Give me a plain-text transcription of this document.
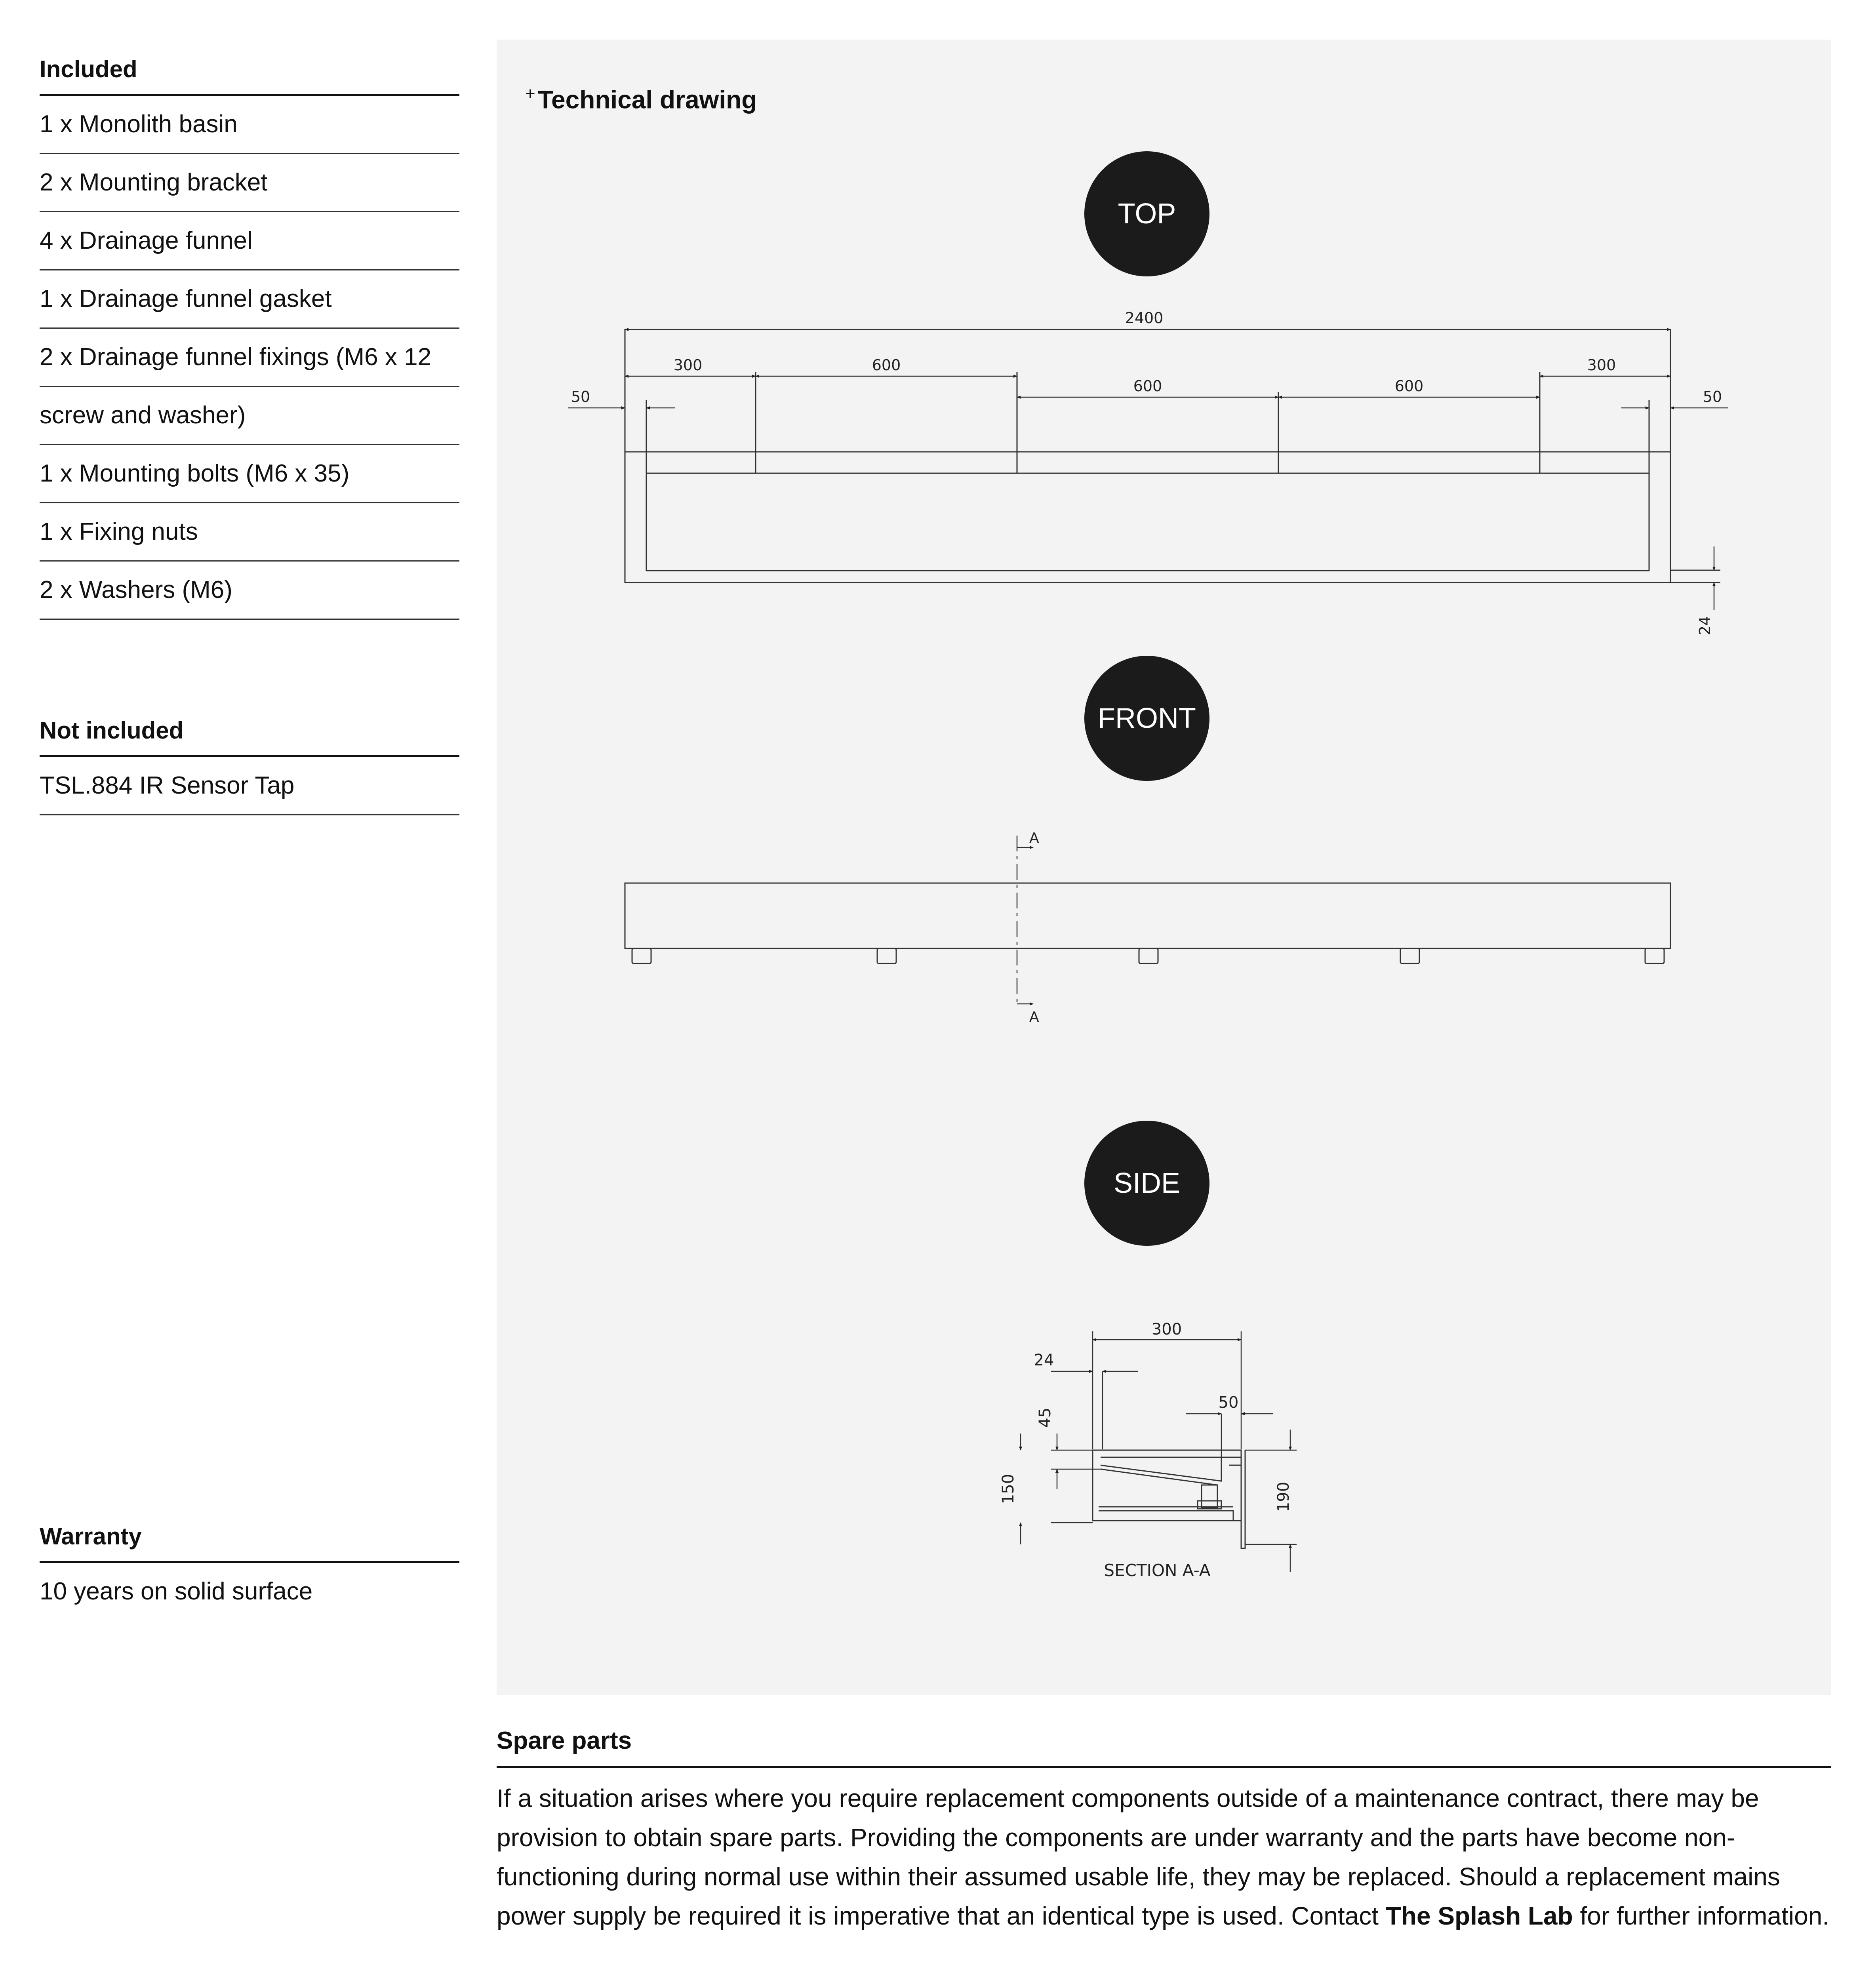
Included
1 x Monolith basin
2 x Mounting bracket
4 x Drainage funnel
1 x Drainage funnel gasket
2 x Drainage funnel fixings (M6 x 12
screw and washer)
1 x Mounting bolts (M6 x 35)
1 x Fixing nuts
2 x Washers (M6)
Not included
TSL.884 IR Sensor Tap
Warranty
10 years on solid surface
+Technical drawing
TOP
FRONT
SIDE
2400
300	600
600	600
300
50	50
24
A
A
300
24
45
50
150	190
SECTION A-A
Spare parts

If a situation arises where you require replacement components outside of a maintenance contract, there may be provision to obtain spare parts. Providing the components are under warranty and the parts have become non-functioning during normal use within their assumed usable life, they may be replaced. Should a replacement mains power supply be required it is imperative that an identical type is used. Contact The Splash Lab for further information.
